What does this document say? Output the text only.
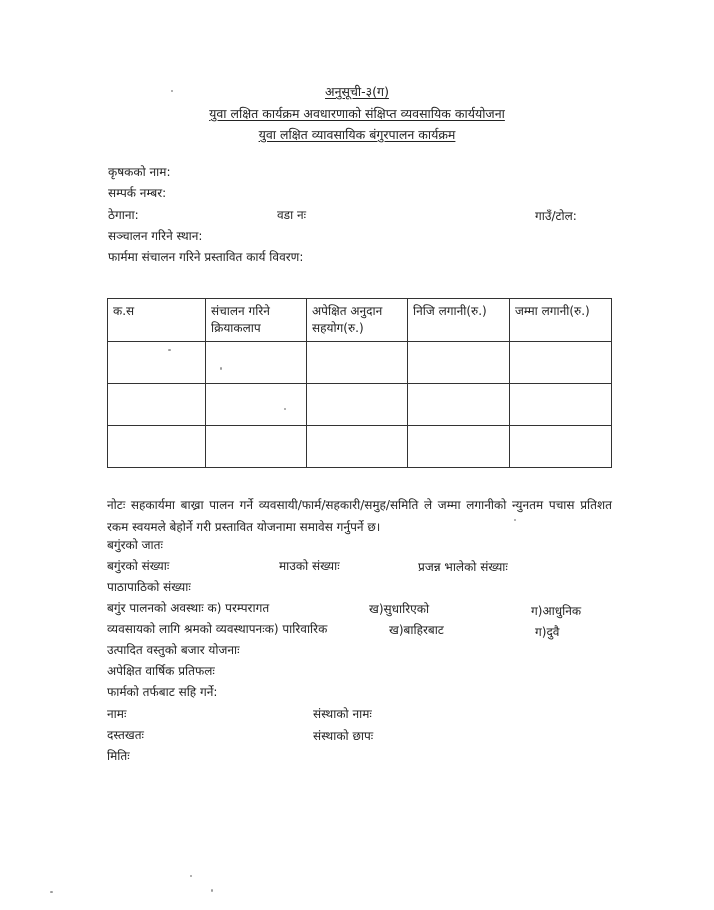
अनुसूची-३(ग)
युवा लक्षित कार्यक्रम अवधारणाको संक्षिप्त व्यवसायिक कार्ययोजना
युवा लक्षित व्यावसायिक बंगुरपालन कार्यक्रम
कृषकको नाम:
सम्पर्क नम्बर:
ठेगाना:	वडा नः	गाउँ/टोल:
सञ्चालन गरिने स्थान:
फार्ममा संचालन गरिने प्रस्तावित कार्य विवरण:
क.स	संचालन गरिने क्रियाकलाप	अपेक्षित अनुदान सहयोग(रु.)	निजि लगानी(रु.)	जम्मा लगानी(रु.)

नोटः सहकार्यमा बाख्रा पालन गर्ने व्यवसायी/फार्म/सहकारी/समुह/समिति ले जम्मा लगानीको न्युनतम पचास प्रतिशत रकम स्वयमले बेहोर्ने गरी प्रस्तावित योजनामा समावेस गर्नुपर्ने छ।
बगुंरको जातः
बगुंरको संख्याः	माउको संख्याः	प्रजन्न भालेको संख्याः
पाठापाठिको संख्याः
बगुंर पालनको अवस्थाः क) परम्परागत	ख)सुधारिएको	ग)आधुनिक
व्यवसायको लागि श्रमको व्यवस्थापनःक) पारिवारिक	ख)बाहिरबाट	ग)दुवै
उत्पादित वस्तुको बजार योजनाः
अपेक्षित वार्षिक प्रतिफलः
फार्मको तर्फबाट सहि गर्ने:
नामः	संस्थाको नामः
दस्तखतः	संस्थाको छापः
मितिः
